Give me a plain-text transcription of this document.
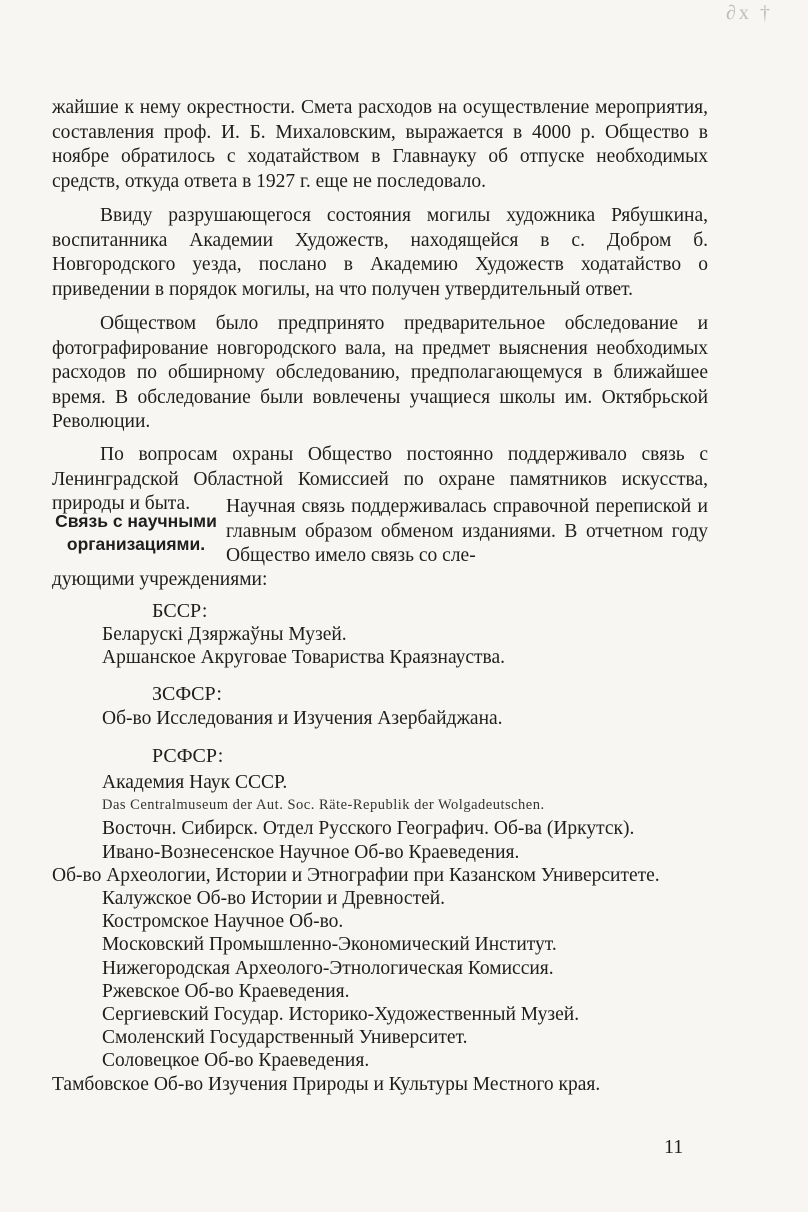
∂х †

жайшие к нему окрестности. Смета расходов на осуществление мероприятия, составления проф. И. Б. Михаловским, выражается в 4000 р. Общество в ноябре обратилось с ходатайством в Главнауку об отпуске необходимых средств, откуда ответа в 1927 г. еще не последовало.

Ввиду разрушающегося состояния могилы художника Рябушкина, воспитанника Академии Художеств, находящейся в с. Добром б. Новгородского уезда, послано в Академию Художеств ходатайство о приведении в порядок могилы, на что получен утвердительный ответ.

Обществом было предпринято предварительное обследование и фотографирование новгородского вала, на предмет выяснения необходимых расходов по обширному обследованию, предполагающемуся в ближайшее время. В обследование были вовлечены учащиеся школы им. Октябрьской Революции.

По вопросам охраны Общество постоянно поддерживало связь с Ленинградской Областной Комиссией по охране памятников искусства, природы и быта.

Связь с научными
организациями.

Научная связь поддерживалась справочной перепиской и главным образом обменом изданиями. В отчетном году Общество имело связь со сле-

дующими учреждениями:

БССР:

Беларускі Дзяржаўны Музей.
Аршанское Акруговае Товариства Краязнауства.

ЗСФСР:

Об-во Исследования и Изучения Азербайджана.

РСФСР:

Академия Наук СССР.
Das Centralmuseum der Aut. Soc. Räte-Republik der Wolgadeutschen.
Восточн. Сибирск. Отдел Русского Географич. Об-ва (Иркутск).
Ивано-Вознесенское Научное Об-во Краеведения.
Об-во Археологии, Истории и Этнографии при Казанском Университете.
Калужское Об-во Истории и Древностей.
Костромское Научное Об-во.
Московский Промышленно-Экономический Институт.
Нижегородская Археолого-Этнологическая Комиссия.
Ржевское Об-во Краеведения.
Сергиевский Государ. Историко-Художественный Музей.
Смоленский Государственный Университет.
Соловецкое Об-во Краеведения.
Тамбовское Об-во Изучения Природы и Культуры Местного края.
11
